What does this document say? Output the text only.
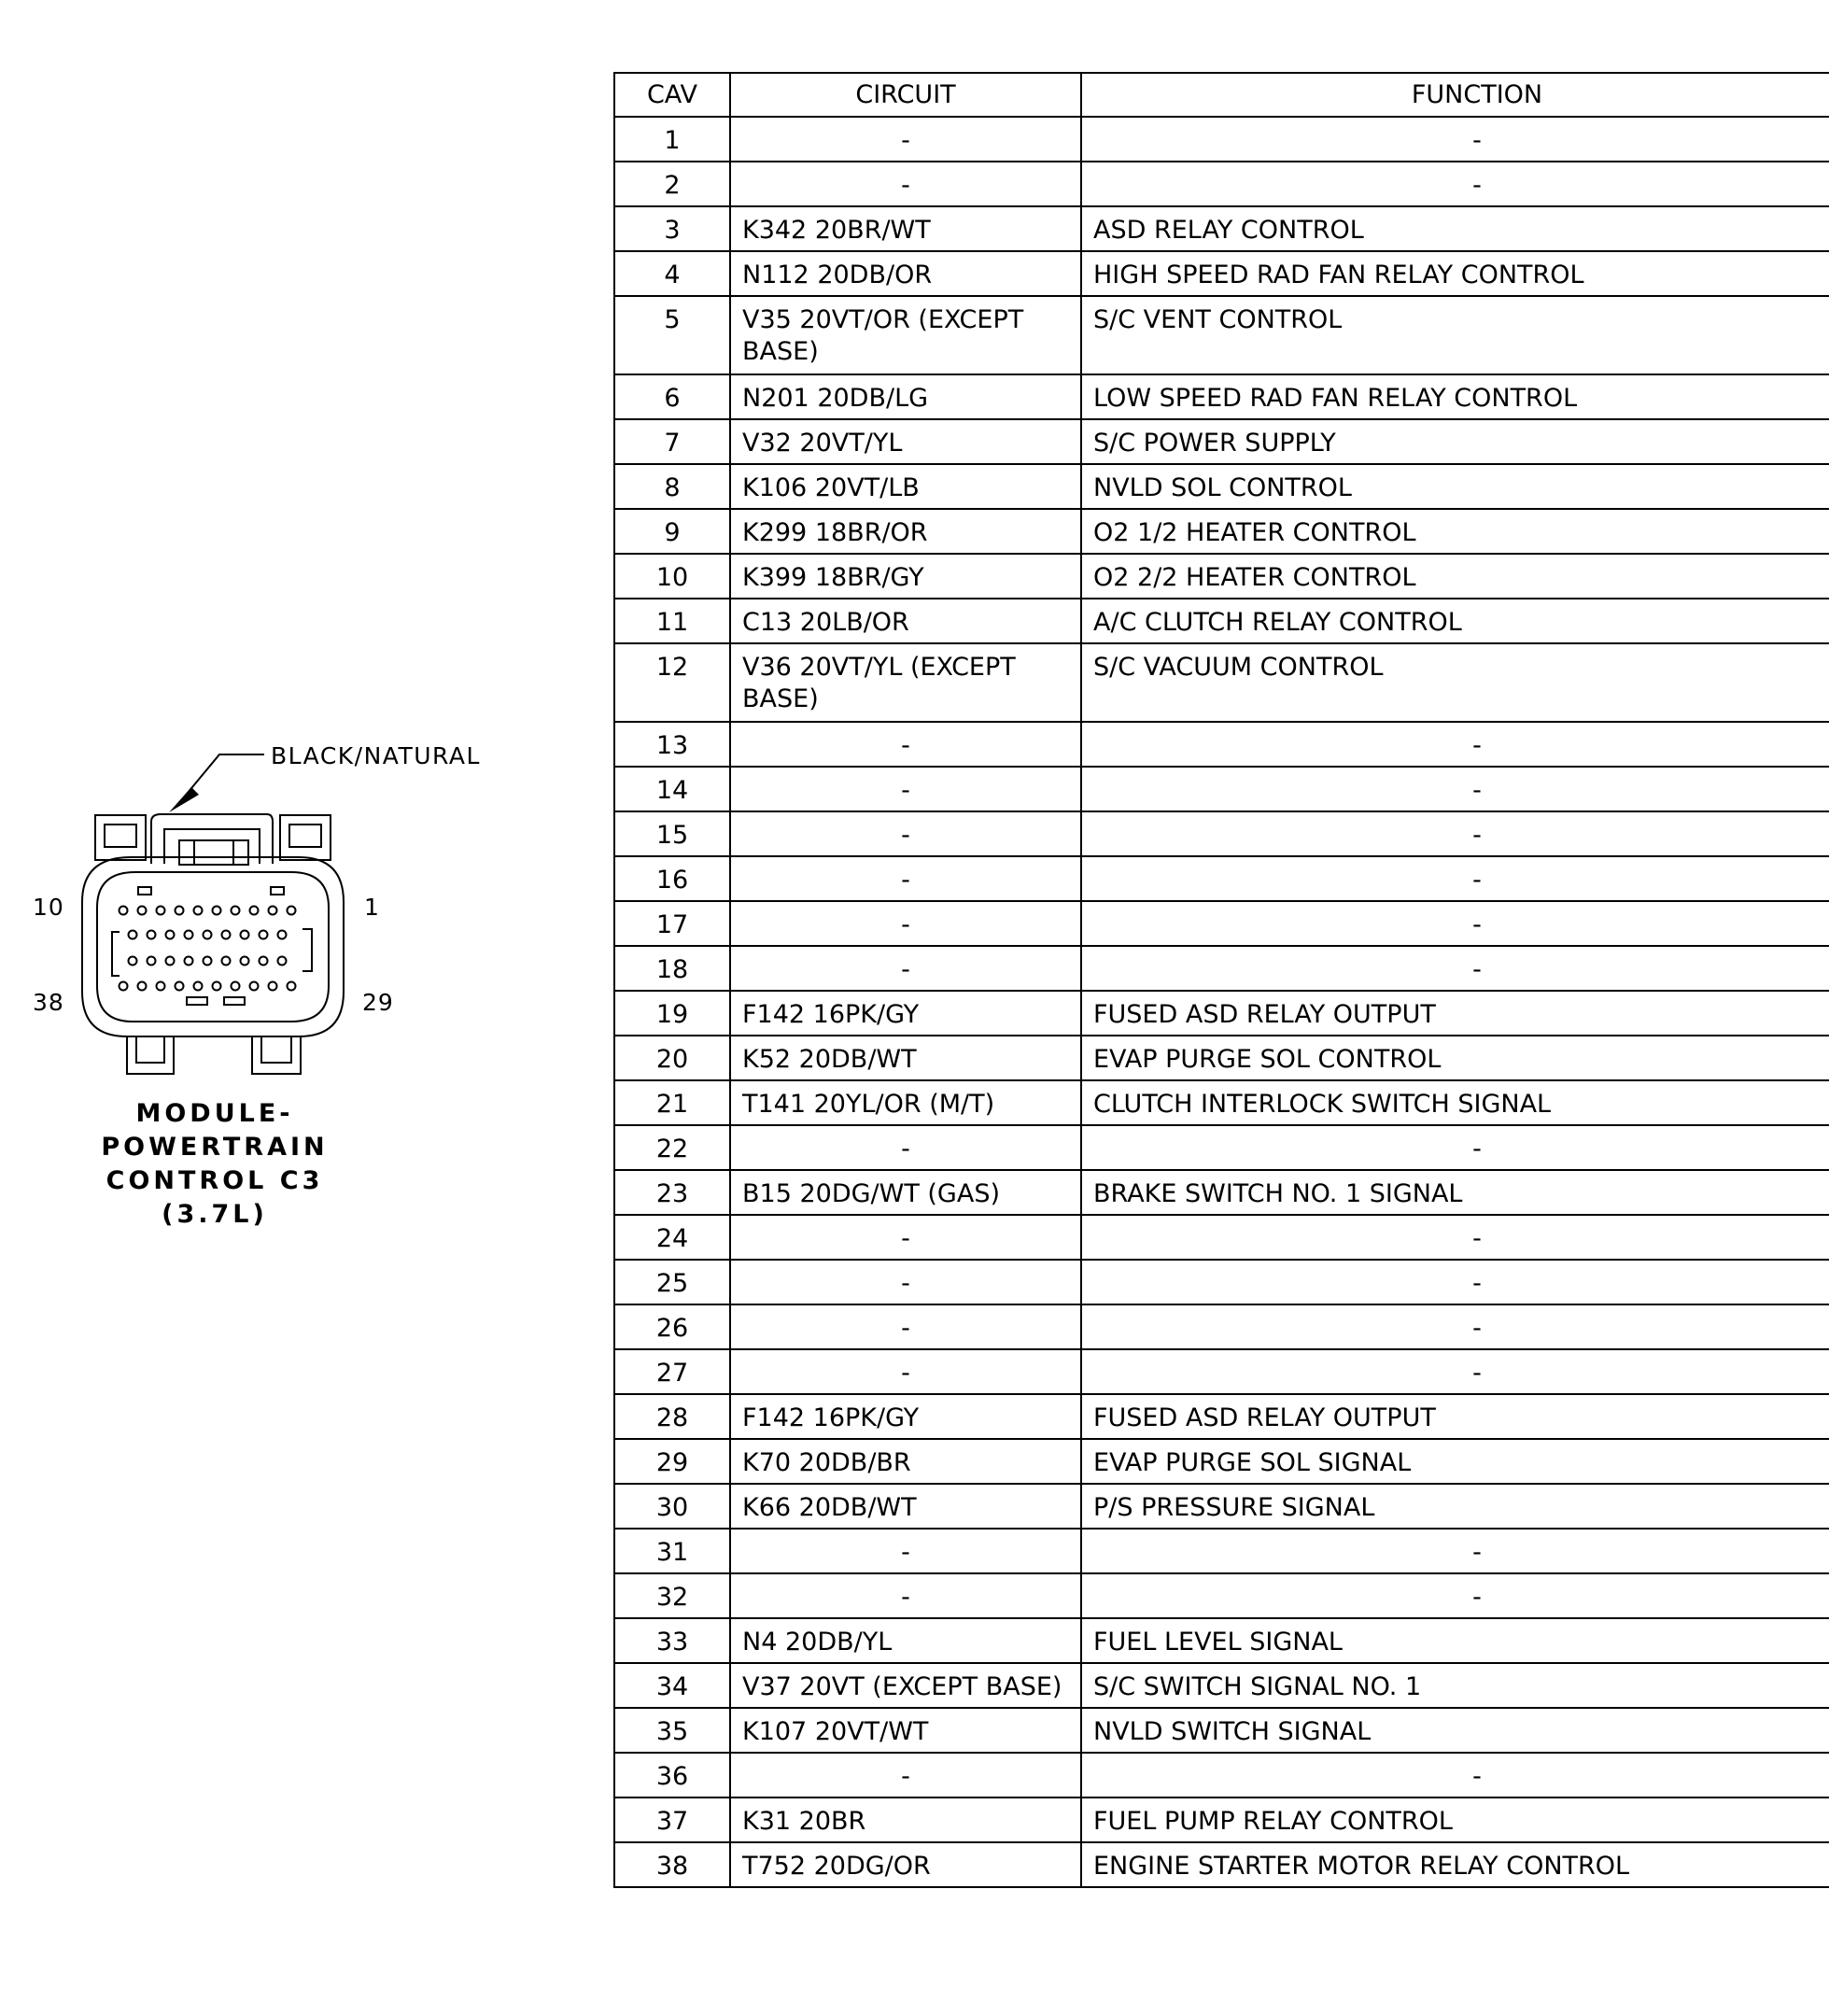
BLACK/NATURAL
10	1
38	29
MODULE-
POWERTRAIN
CONTROL C3
(3.7L)
CAV	CIRCUIT	FUNCTION
1	-	-
2	-	-
3	K342 20BR/WT	ASD RELAY CONTROL
4	N112 20DB/OR	HIGH SPEED RAD FAN RELAY CONTROL
5	V35 20VT/OR (EXCEPT BASE)	S/C VENT CONTROL
6	N201 20DB/LG	LOW SPEED RAD FAN RELAY CONTROL
7	V32 20VT/YL	S/C POWER SUPPLY
8	K106 20VT/LB	NVLD SOL CONTROL
9	K299 18BR/OR	O2 1/2 HEATER CONTROL
10	K399 18BR/GY	O2 2/2 HEATER CONTROL
11	C13 20LB/OR	A/C CLUTCH RELAY CONTROL
12	V36 20VT/YL (EXCEPT BASE)	S/C VACUUM CONTROL
13	-	-
14	-	-
15	-	-
16	-	-
17	-	-
18	-	-
19	F142 16PK/GY	FUSED ASD RELAY OUTPUT
20	K52 20DB/WT	EVAP PURGE SOL CONTROL
21	T141 20YL/OR (M/T)	CLUTCH INTERLOCK SWITCH SIGNAL
22	-	-
23	B15 20DG/WT (GAS)	BRAKE SWITCH NO. 1 SIGNAL
24	-	-
25	-	-
26	-	-
27	-	-
28	F142 16PK/GY	FUSED ASD RELAY OUTPUT
29	K70 20DB/BR	EVAP PURGE SOL SIGNAL
30	K66 20DB/WT	P/S PRESSURE SIGNAL
31	-	-
32	-	-
33	N4 20DB/YL	FUEL LEVEL SIGNAL
34	V37 20VT (EXCEPT BASE)	S/C SWITCH SIGNAL NO. 1
35	K107 20VT/WT	NVLD SWITCH SIGNAL
36	-	-
37	K31 20BR	FUEL PUMP RELAY CONTROL
38	T752 20DG/OR	ENGINE STARTER MOTOR RELAY CONTROL
